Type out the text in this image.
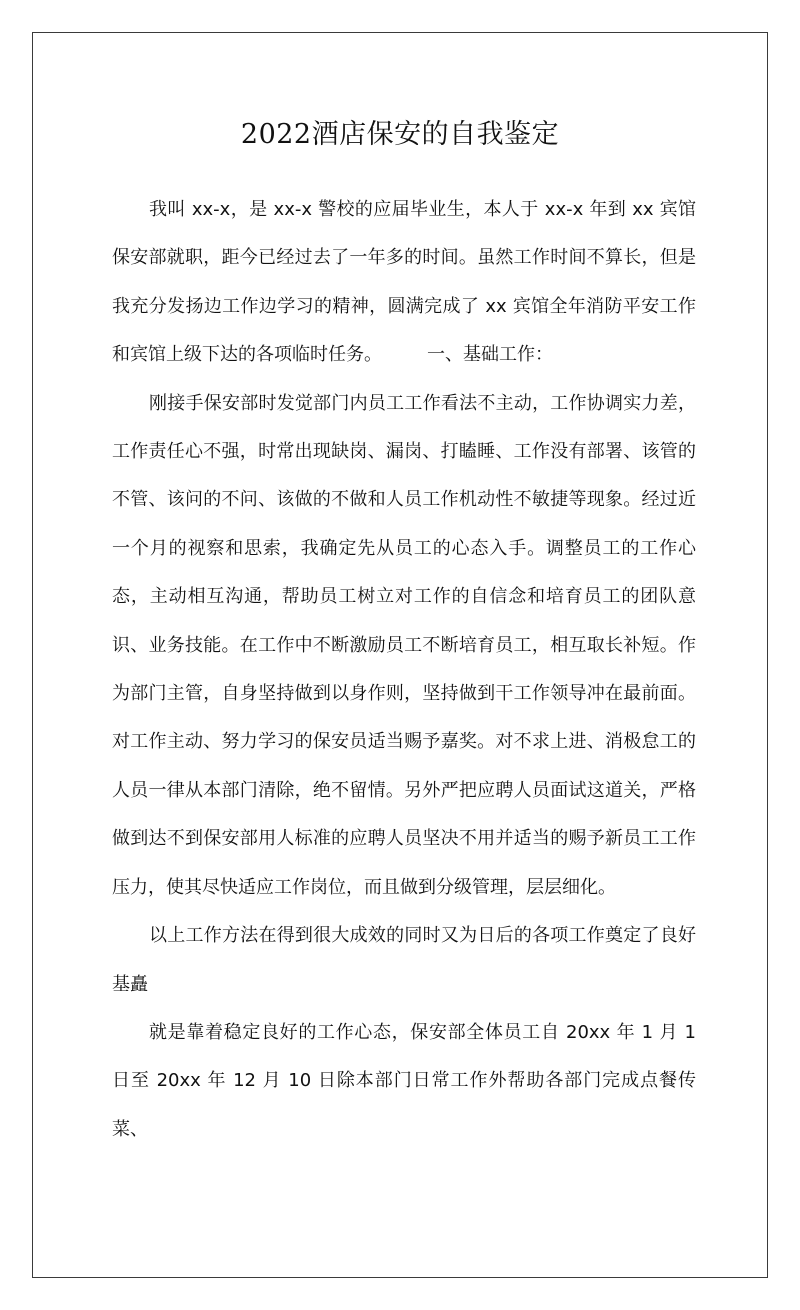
2022酒店保安的自我鉴定

我叫 xx-x，是 xx-x 警校的应届毕业生，本人于 xx-x 年到 xx 宾馆保安部就职，距今已经过去了一年多的时间。虽然工作时间不算长，但是我充分发扬边工作边学习的精神，圆满完成了 xx 宾馆全年消防平安工作和宾馆上级下达的各项临时任务。　　　一、基础工作：

刚接手保安部时发觉部门内员工工作看法不主动，工作协调实力差，工作责任心不强，时常出现缺岗、漏岗、打瞌睡、工作没有部署、该管的不管、该问的不问、该做的不做和人员工作机动性不敏捷等现象。经过近一个月的视察和思索，我确定先从员工的心态入手。调整员工的工作心态，主动相互沟通，帮助员工树立对工作的自信念和培育员工的团队意识、业务技能。在工作中不断激励员工不断培育员工，相互取长补短。作为部门主管，自身坚持做到以身作则，坚持做到干工作领导冲在最前面。对工作主动、努力学习的保安员适当赐予嘉奖。对不求上进、消极怠工的人员一律从本部门清除，绝不留情。另外严把应聘人员面试这道关，严格做到达不到保安部用人标准的应聘人员坚决不用并适当的赐予新员工工作压力，使其尽快适应工作岗位，而且做到分级管理，层层细化。

以上工作方法在得到很大成效的同时又为日后的各项工作奠定了良好基矗

就是靠着稳定良好的工作心态，保安部全体员工自 20xx 年 1 月 1 日至 20xx 年 12 月 10 日除本部门日常工作外帮助各部门完成点餐传菜、
